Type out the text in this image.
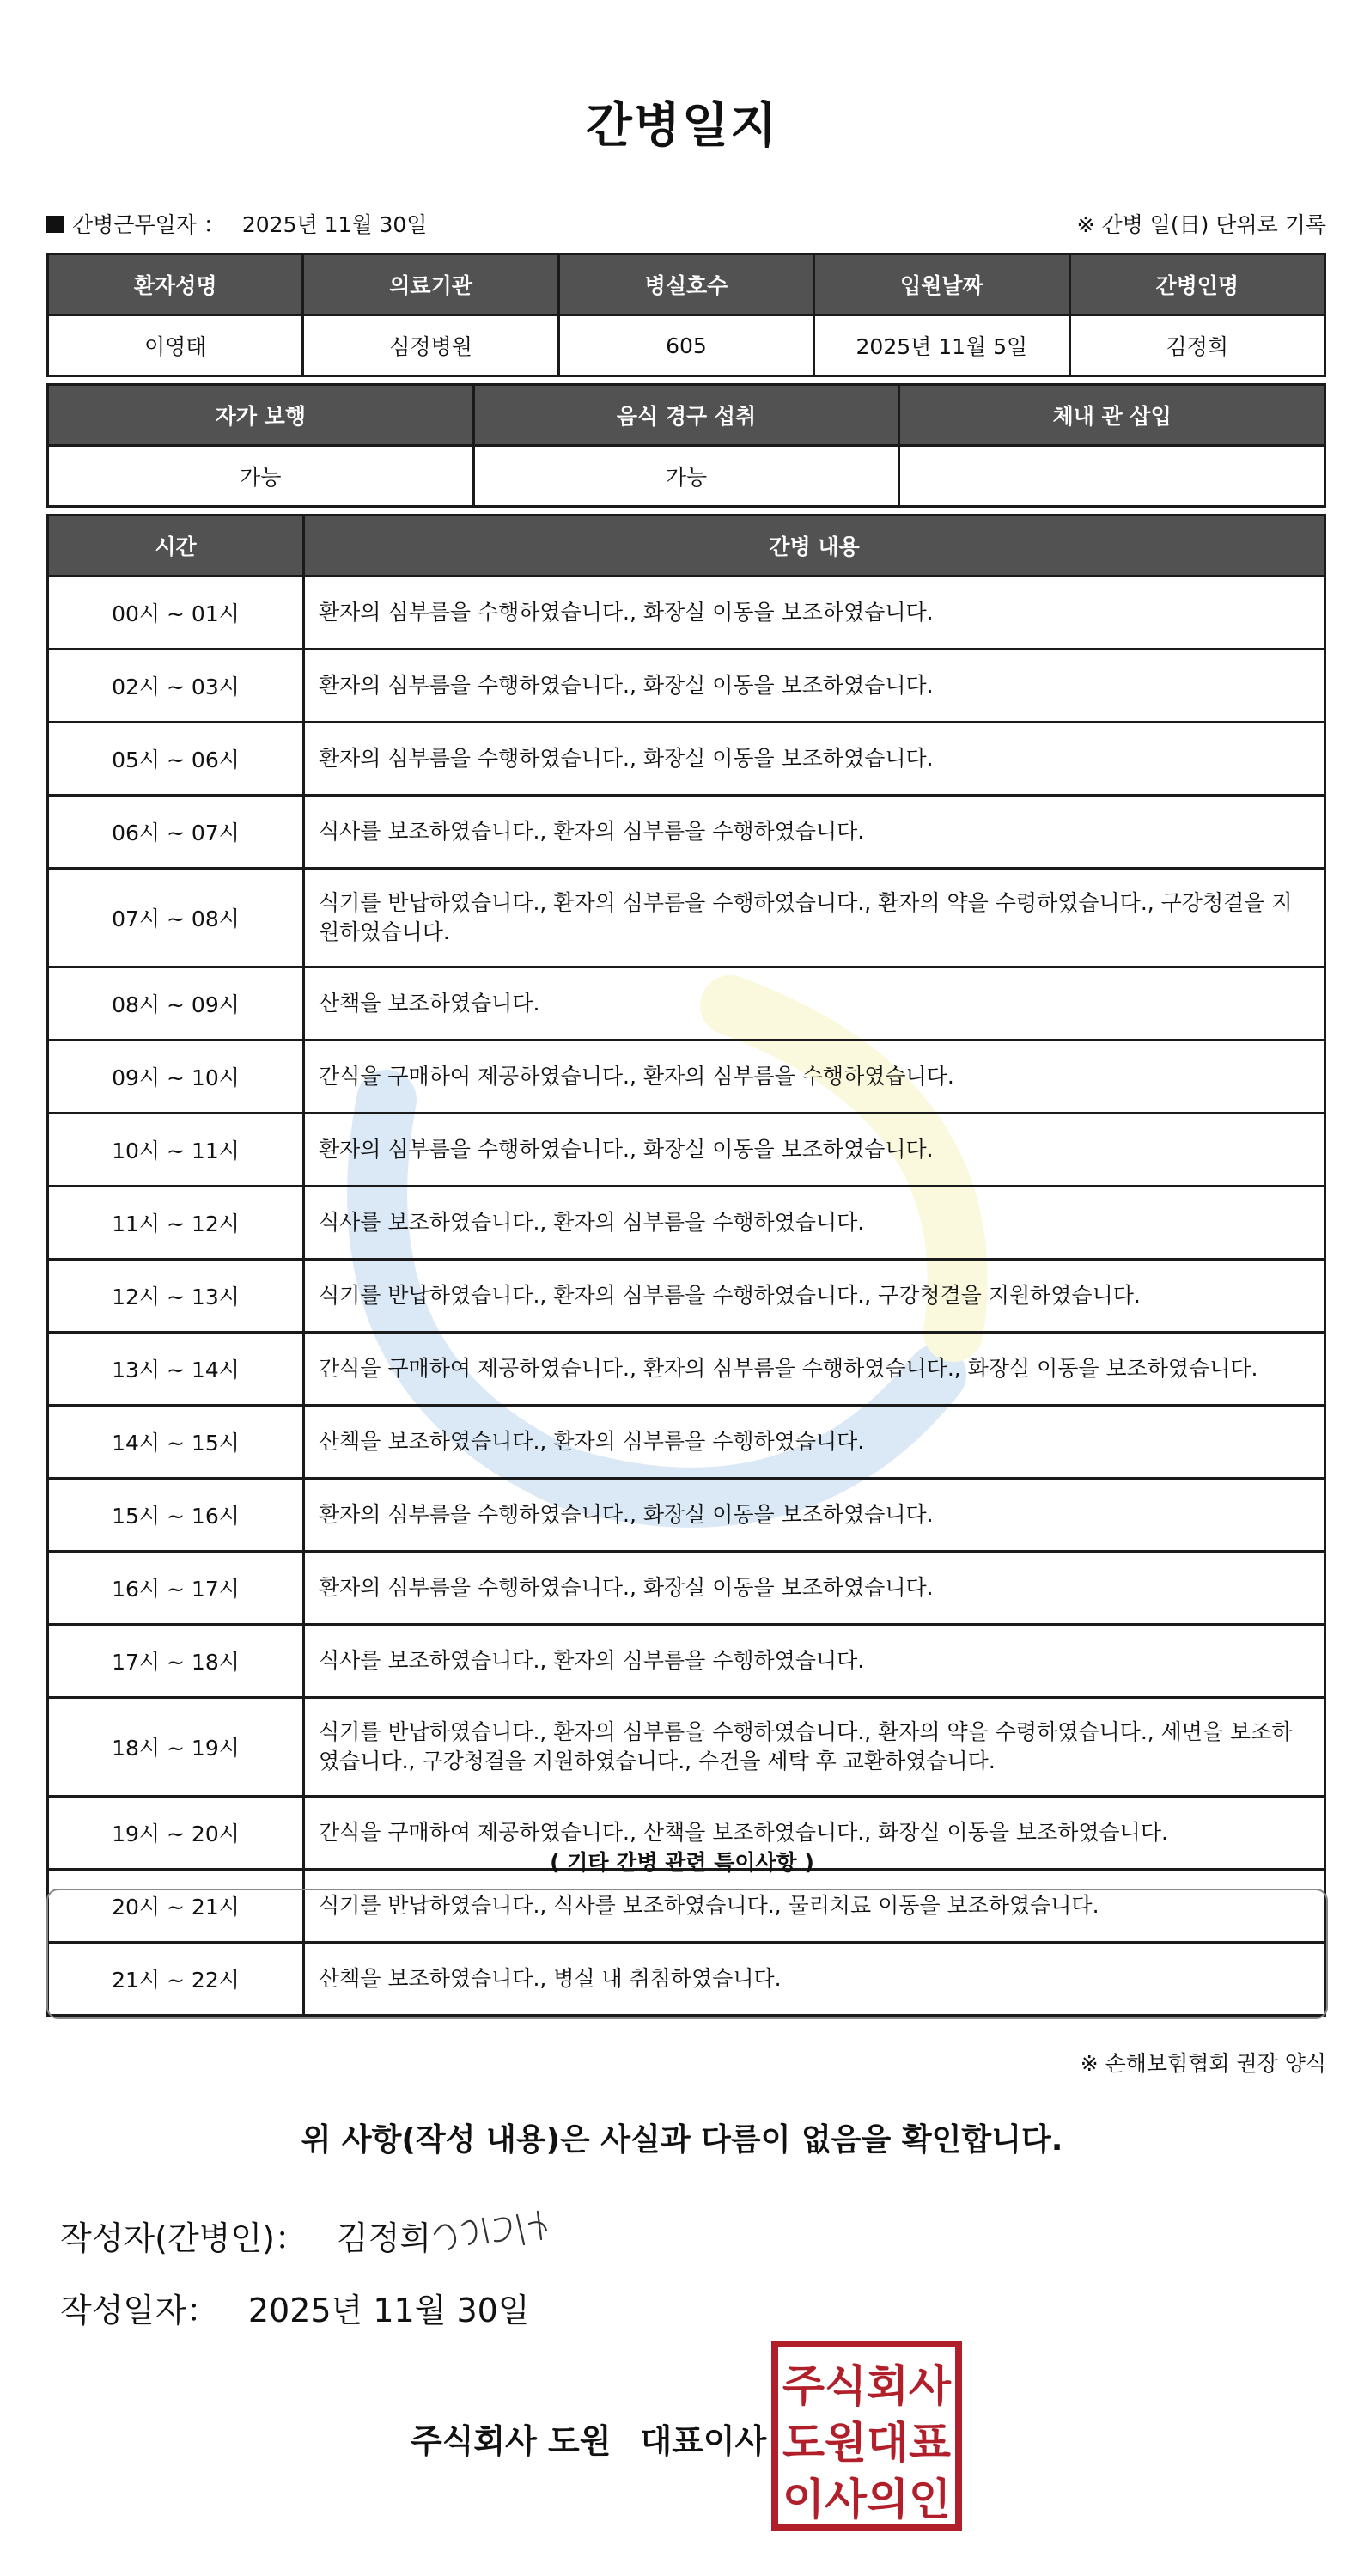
간병일지
간병근무일자 ： 2025년 11월 30일	※ 간병 일(日) 단위로 기록
환자성명	의료기관	병실호수	입원날짜	간병인명
이영태	심정병원	605	2025년 11월 5일	김정희
자가 보행	음식 경구 섭취	체내 관 삽입
가능	가능	
시간	간병 내용
00시 ~ 01시	환자의 심부름을 수행하였습니다., 화장실 이동을 보조하였습니다.
02시 ~ 03시	환자의 심부름을 수행하였습니다., 화장실 이동을 보조하였습니다.
05시 ~ 06시	환자의 심부름을 수행하였습니다., 화장실 이동을 보조하였습니다.
06시 ~ 07시	식사를 보조하였습니다., 환자의 심부름을 수행하였습니다.
07시 ~ 08시	식기를 반납하였습니다., 환자의 심부름을 수행하였습니다., 환자의 약을 수령하였습니다., 구강청결을 지원하였습니다.
08시 ~ 09시	산책을 보조하였습니다.
09시 ~ 10시	간식을 구매하여 제공하였습니다., 환자의 심부름을 수행하였습니다.
10시 ~ 11시	환자의 심부름을 수행하였습니다., 화장실 이동을 보조하였습니다.
11시 ~ 12시	식사를 보조하였습니다., 환자의 심부름을 수행하였습니다.
12시 ~ 13시	식기를 반납하였습니다., 환자의 심부름을 수행하였습니다., 구강청결을 지원하였습니다.
13시 ~ 14시	간식을 구매하여 제공하였습니다., 환자의 심부름을 수행하였습니다., 화장실 이동을 보조하였습니다.
14시 ~ 15시	산책을 보조하였습니다., 환자의 심부름을 수행하였습니다.
15시 ~ 16시	환자의 심부름을 수행하였습니다., 화장실 이동을 보조하였습니다.
16시 ~ 17시	환자의 심부름을 수행하였습니다., 화장실 이동을 보조하였습니다.
17시 ~ 18시	식사를 보조하였습니다., 환자의 심부름을 수행하였습니다.
18시 ~ 19시	식기를 반납하였습니다., 환자의 심부름을 수행하였습니다., 환자의 약을 수령하였습니다., 세면을 보조하였습니다., 구강청결을 지원하였습니다., 수건을 세탁 후 교환하였습니다.
19시 ~ 20시	간식을 구매하여 제공하였습니다., 산책을 보조하였습니다., 화장실 이동을 보조하였습니다.
20시 ~ 21시	식기를 반납하였습니다., 식사를 보조하였습니다., 물리치료 이동을 보조하였습니다.
21시 ~ 22시	산책을 보조하였습니다., 병실 내 취침하였습니다.
( 기타 간병 관련 특이사항 )
※ 손해보험협회 권장 양식
위 사항(작성 내용)은 사실과 다름이 없음을 확인합니다.
작성자(간병인)： 김정희
작성일자： 2025년 11월 30일
주식회사 도원 대표이사
주식회사
도원대표
이사의인
